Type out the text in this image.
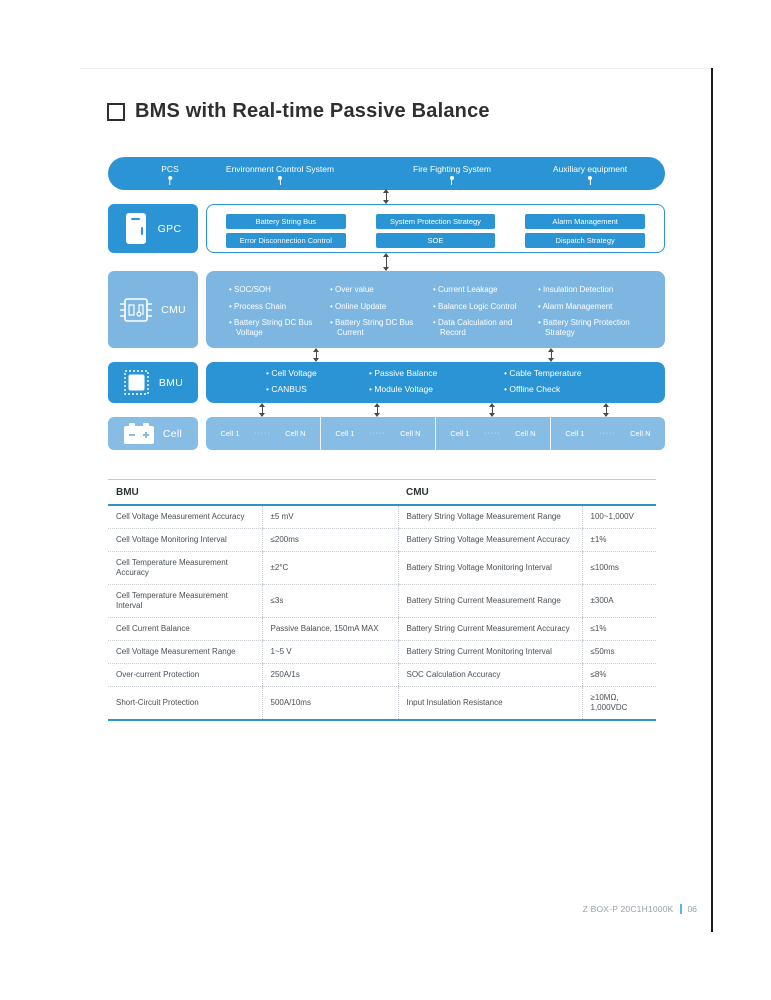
BMS with Real-time Passive Balance
PCS	Environment Control System	Fire Fighting System	Auxiliary equipment
GPC
Battery String Bus	System Protection Strategy	Alarm Management
Error Disconnection Control	SOE	Dispatch Strategy
CMU
• SOC/SOH
• Process Chain
• Battery String DC Bus Voltage
• Over value
• Online Update
• Battery String DC Bus Current
• Current Leakage
• Balance Logic Control
• Data Calculation and Record
• Insulation Detection
• Alarm Management
• Battery String Protection Strategy
BMU
• Cell Voltage
• CANBUS
• Passive Balance
• Module Voltage
• Cable Temperature
• Offline Check
Cell	Cell 1 ····· Cell N	Cell 1 ····· Cell N	Cell 1 ····· Cell N	Cell 1 ····· Cell N
BMU		CMU	
Cell Voltage Measurement Accuracy	±5 mV	Battery String Voltage Measurement Range	100~1,000V
Cell Voltage Monitoring Interval	≤200ms	Battery String Voltage Measurement Accuracy	±1%
Cell Temperature Measurement Accuracy	±2°C	Battery String Voltage Monitoring Interval	≤100ms
Cell Temperature Measurement Interval	≤3s	Battery String Current Measurement Range	±300A
Cell Current Balance	Passive Balance, 150mA MAX	Battery String Current Measurement Accuracy	≤1%
Cell Voltage Measurement Range	1~5 V	Battery String Current Monitoring Interval	≤50ms
Over-current Protection	250A/1s	SOC Calculation Accuracy	≤8%
Short-Circuit Protection	500A/10ms	Input Insulation Resistance	≥10MΩ, 1,000VDC
Z BOX-P 20C1H1000K 06
